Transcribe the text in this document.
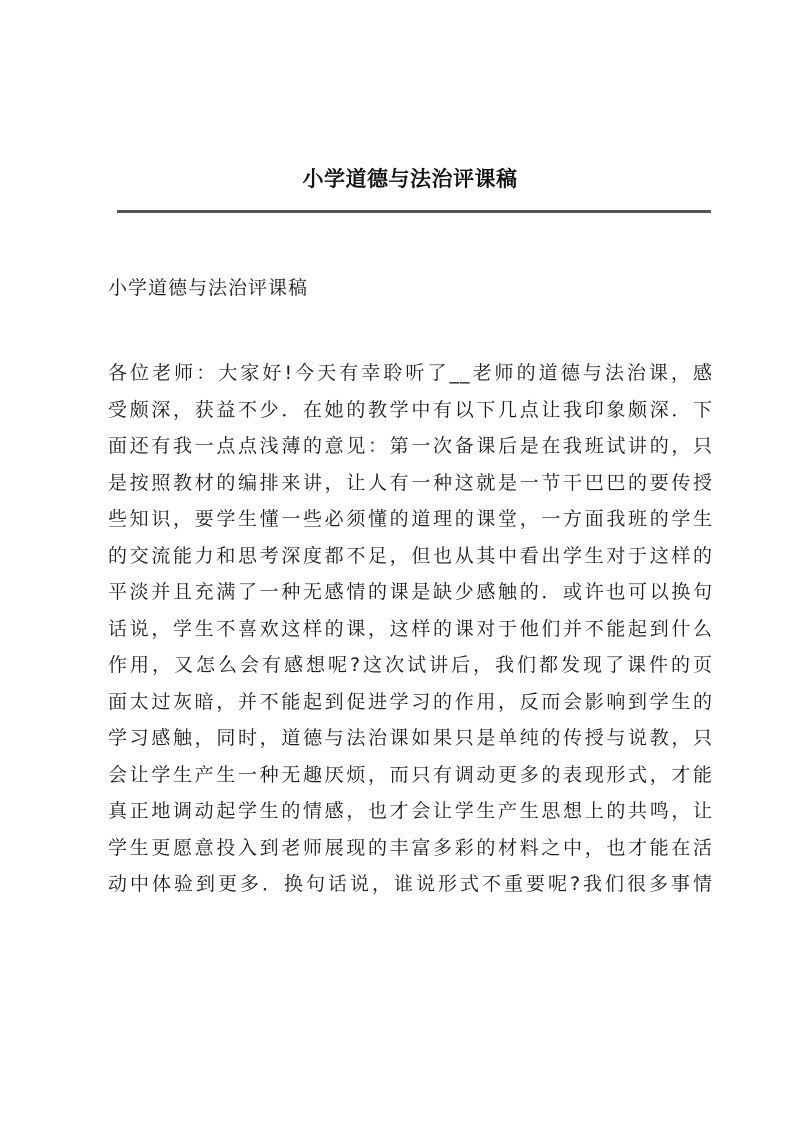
小学道德与法治评课稿
小学道德与法治评课稿
各位老师：大家好!今天有幸聆听了__老师的道德与法治课，感
受颇深，获益不少．在她的教学中有以下几点让我印象颇深．下
面还有我一点点浅薄的意见：第一次备课后是在我班试讲的，只
是按照教材的编排来讲，让人有一种这就是一节干巴巴的要传授
些知识，要学生懂一些必须懂的道理的课堂，一方面我班的学生
的交流能力和思考深度都不足，但也从其中看出学生对于这样的
平淡并且充满了一种无感情的课是缺少感触的．或许也可以换句
话说，学生不喜欢这样的课，这样的课对于他们并不能起到什么
作用，又怎么会有感想呢?这次试讲后，我们都发现了课件的页
面太过灰暗，并不能起到促进学习的作用，反而会影响到学生的
学习感触，同时，道德与法治课如果只是单纯的传授与说教，只
会让学生产生一种无趣厌烦，而只有调动更多的表现形式，才能
真正地调动起学生的情感，也才会让学生产生思想上的共鸣，让
学生更愿意投入到老师展现的丰富多彩的材料之中，也才能在活
动中体验到更多．换句话说，谁说形式不重要呢?我们很多事情
